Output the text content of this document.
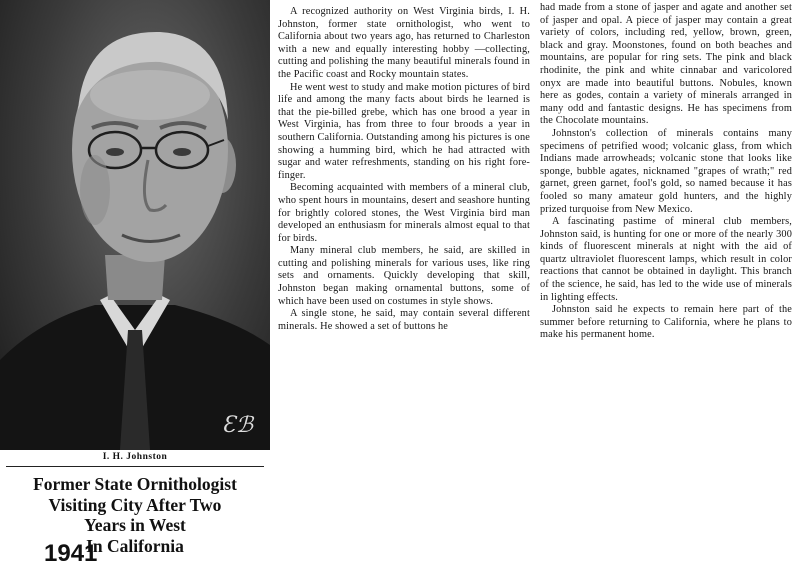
Ɛℬ
I. H. Johnston
Former State Ornithologist
Visiting City After Two
Years in West
In California
1941

A recognized authority on West Virginia birds, I. H. Johnston, former state ornithologist, who went to California about two years ago, has returned to Charleston with a new and equally interesting hobby —collecting, cutting and polishing the many beautiful minerals found in the Pacific coast and Rocky mountain states.

He went west to study and make motion pictures of bird life and among the many facts about birds he learned is that the pie-billed grebe, which has one brood a year in West Virginia, has from three to four broods a year in southern California. Outstanding among his pictures is one showing a humming bird, which he had attracted with sugar and water refreshments, standing on his right fore-finger.

Becoming acquainted with members of a mineral club, who spent hours in mountains, desert and seashore hunting for brightly colored stones, the West Virginia bird man developed an enthusiasm for minerals almost equal to that for birds.

Many mineral club members, he said, are skilled in cutting and polishing minerals for various uses, like ring sets and ornaments. Quickly developing that skill, Johnston began making ornamental buttons, some of which have been used on costumes in style shows.

A single stone, he said, may contain several different minerals. He showed a set of buttons he

had made from a stone of jasper and agate and another set of jasper and opal. A piece of jasper may contain a great variety of colors, including red, yellow, brown, green, black and gray. Moonstones, found on both beaches and mountains, are popular for ring sets. The pink and black rhodinite, the pink and white cinnabar and varicolored onyx are made into beautiful buttons. Nobules, known here as godes, contain a variety of minerals arranged in many odd and fantastic designs. He has specimens from the Chocolate mountains.

Johnston's collection of minerals contains many specimens of petrified wood; volcanic glass, from which Indians made arrowheads; volcanic stone that looks like sponge, bubble agates, nicknamed "grapes of wrath;" red garnet, green garnet, fool's gold, so named because it has fooled so many amateur gold hunters, and the highly prized turquoise from New Mexico.

A fascinating pastime of mineral club members, Johnston said, is hunting for one or more of the nearly 300 kinds of fluorescent minerals at night with the aid of quartz ultraviolet fluorescent lamps, which result in color reactions that cannot be obtained in daylight. This branch of the science, he said, has led to the wide use of minerals in lighting effects.

Johnston said he expects to remain here part of the summer before returning to California, where he plans to make his permanent home.
